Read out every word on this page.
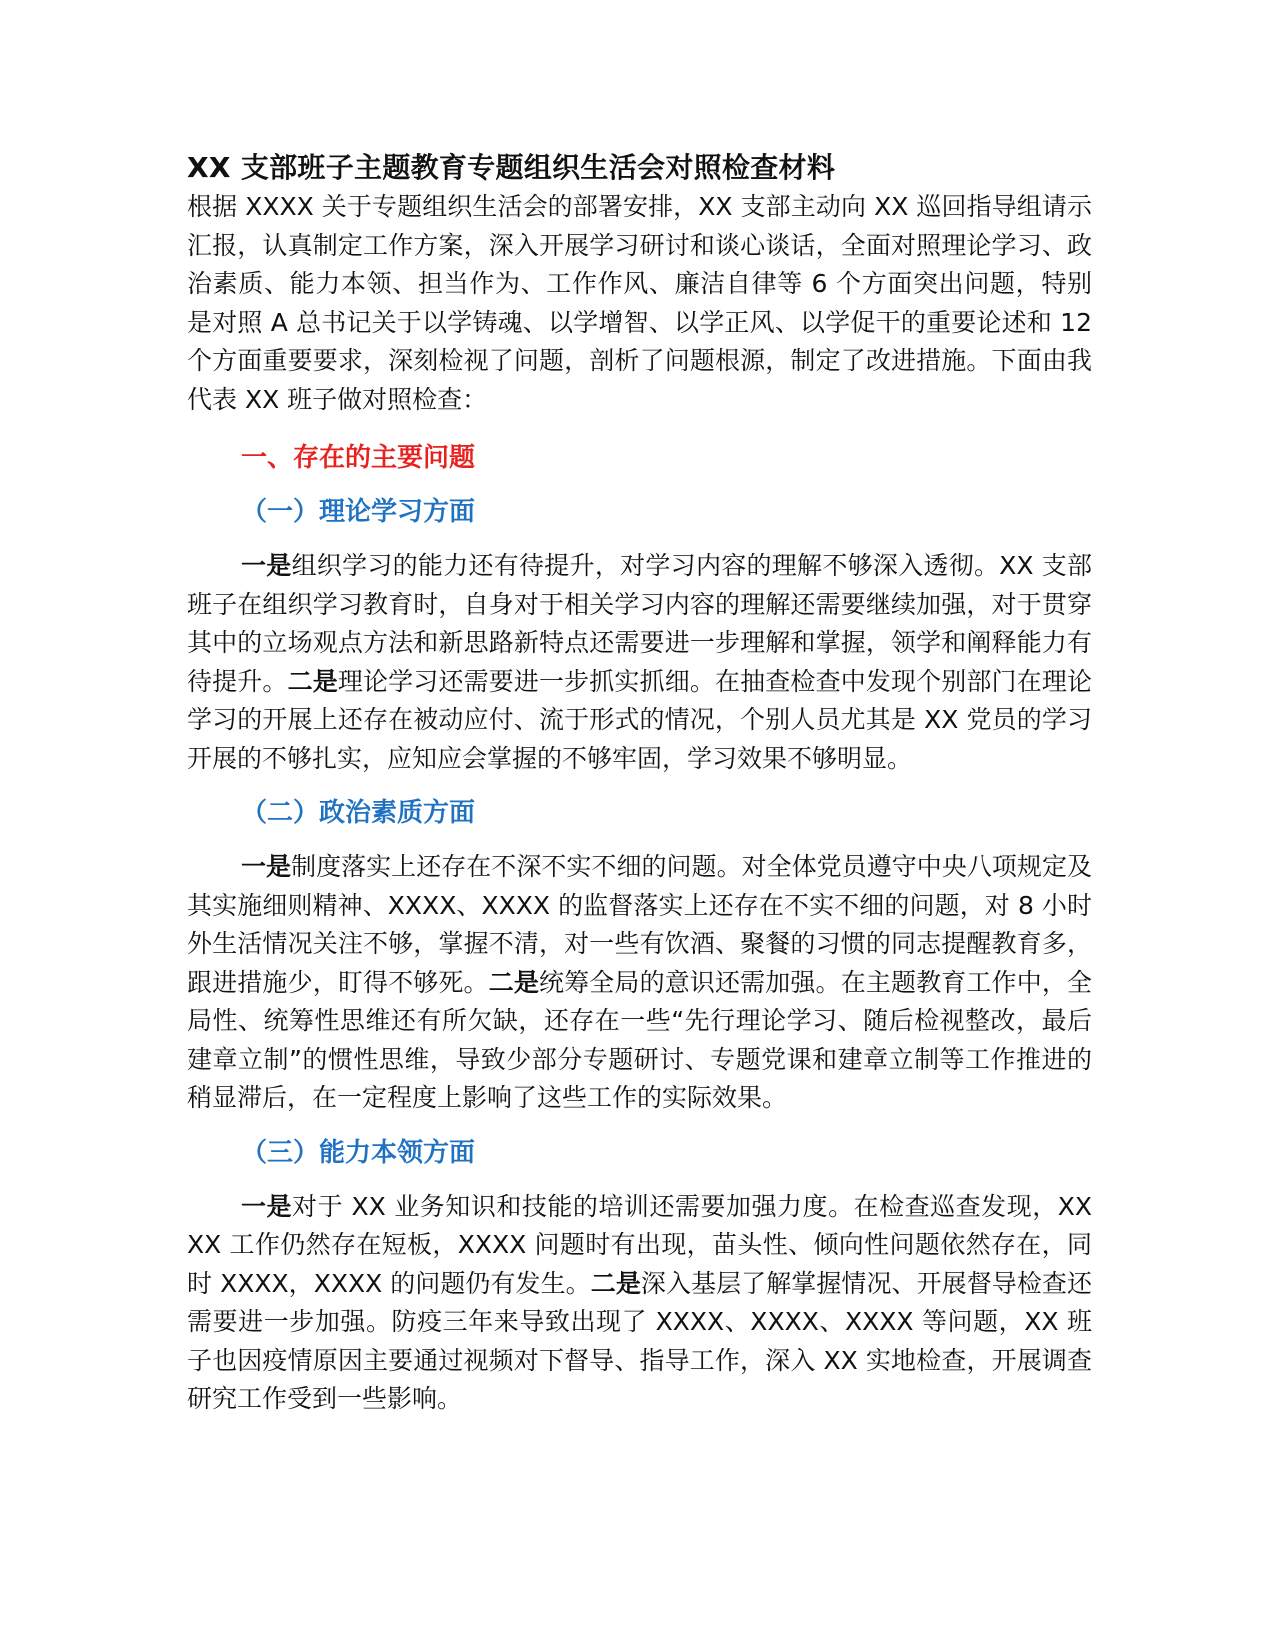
XX 支部班子主题教育专题组织生活会对照检查材料

根据 XXXX 关于专题组织生活会的部署安排，XX 支部主动向 XX 巡回指导组请示汇报，认真制定工作方案，深入开展学习研讨和谈心谈话，全面对照理论学习、政治素质、能力本领、担当作为、工作作风、廉洁自律等 6 个方面突出问题，特别是对照 A 总书记关于以学铸魂、以学增智、以学正风、以学促干的重要论述和 12 个方面重要要求，深刻检视了问题，剖析了问题根源，制定了改进措施。下面由我代表 XX 班子做对照检查：

一、存在的主要问题
（一）理论学习方面

一是组织学习的能力还有待提升，对学习内容的理解不够深入透彻。XX 支部班子在组织学习教育时，自身对于相关学习内容的理解还需要继续加强，对于贯穿其中的立场观点方法和新思路新特点还需要进一步理解和掌握，领学和阐释能力有待提升。二是理论学习还需要进一步抓实抓细。在抽查检查中发现个别部门在理论学习的开展上还存在被动应付、流于形式的情况，个别人员尤其是 XX 党员的学习开展的不够扎实，应知应会掌握的不够牢固，学习效果不够明显。

（二）政治素质方面

一是制度落实上还存在不深不实不细的问题。对全体党员遵守中央八项规定及其实施细则精神、XXXX、XXXX 的监督落实上还存在不实不细的问题，对 8 小时外生活情况关注不够，掌握不清，对一些有饮酒、聚餐的习惯的同志提醒教育多，跟进措施少，盯得不够死。二是统筹全局的意识还需加强。在主题教育工作中，全局性、统筹性思维还有所欠缺，还存在一些“先行理论学习、随后检视整改，最后建章立制”的惯性思维，导致少部分专题研讨、专题党课和建章立制等工作推进的稍显滞后，在一定程度上影响了这些工作的实际效果。

（三）能力本领方面

一是对于 XX 业务知识和技能的培训还需要加强力度。在检查巡查发现，XXXX 工作仍然存在短板，XXXX 问题时有出现，苗头性、倾向性问题依然存在，同时 XXXX，XXXX 的问题仍有发生。二是深入基层了解掌握情况、开展督导检查还需要进一步加强。防疫三年来导致出现了 XXXX、XXXX、XXXX 等问题，XX 班子也因疫情原因主要通过视频对下督导、指导工作，深入 XX 实地检查，开展调查研究工作受到一些影响。
